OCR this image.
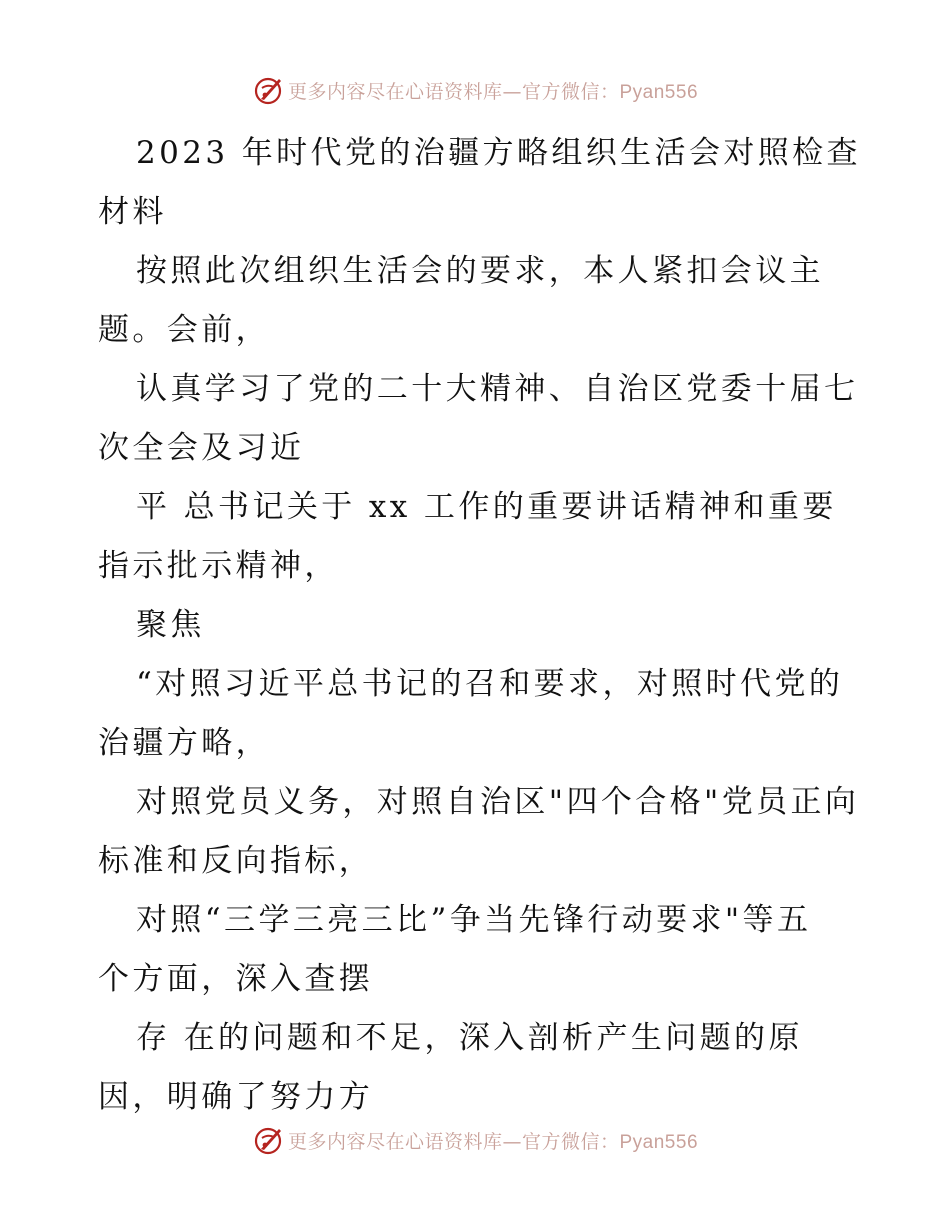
更多内容尽在心语资料库—官方微信：Pyan556

2023 年时代党的治疆方略组织生活会对照检查

材料

按照此次组织生活会的要求，本人紧扣会议主

题。会前，

认真学习了党的二十大精神、自治区党委十届七

次全会及习近

平 总书记关于 xx 工作的重要讲话精神和重要

指示批示精神，

聚焦

“对照习近平总书记的召和要求，对照时代党的

治疆方略，

对照党员义务，对照自治区"四个合格"党员正向

标准和反向指标，

对照“三学三亮三比”争当先锋行动要求"等五

个方面，深入查摆

存 在的问题和不足，深入剖析产生问题的原

因，明确了努力方

更多内容尽在心语资料库—官方微信：Pyan556
